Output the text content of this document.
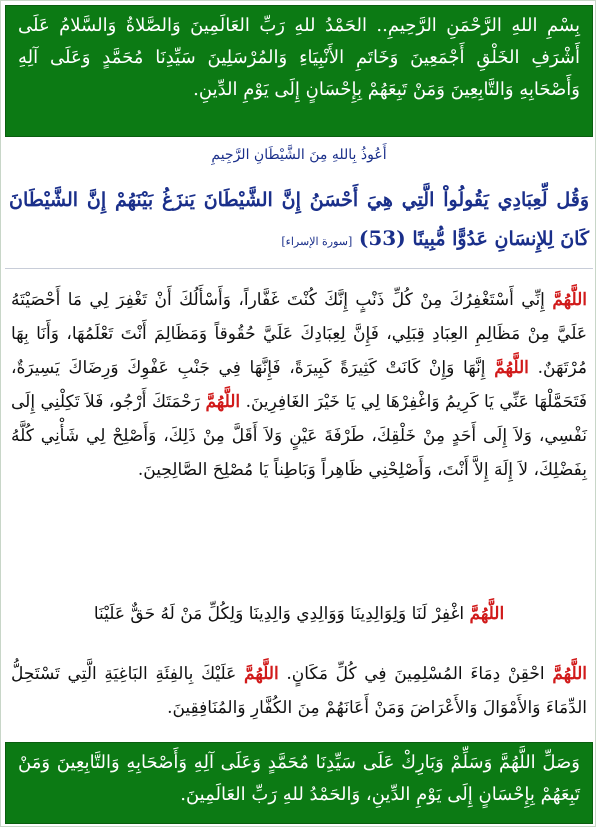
بِسْمِ اللهِ الرَّحْمَنِ الرَّحِيمِ.. الحَمْدُ للهِ رَبِّ العَالَمِينَ وَالصَّلاةُ وَالسَّلامُ عَلَى أَشْرَفِ الخَلْقِ أَجْمَعِينَ وَخَاتَمِ الأَنْبِيَاءِ وَالمُرْسَلِينَ سَيِّدِنَا مُحَمَّدٍ وَعَلَى آلِهِ وَأَصْحَابِهِ وَالتَّابِعِينَ وَمَنْ تَبِعَهُمْ بِإِحْسَانٍ إِلَى يَوْمِ الدِّينِ.
أَعُوذُ بِاللهِ مِنَ الشَّيْطَانِ الرَّجِيمِ
وَقُل لِّعِبَادِي يَقُولُواْ الَّتِي هِيَ أَحْسَنُ إِنَّ الشَّيْطَانَ يَنزَغُ بَيْنَهُمْ إِنَّ الشَّيْطَانَ كَانَ لِلإِنسَانِ عَدُوًّا مُّبِينًا (53) [سورة الإسراء]
اللَّهُمَّ إِنِّي أَسْتَغْفِرُكَ مِنْ كُلِّ ذَنْبٍ إِنَّكَ كُنْتَ غَفَّاراً، وَأَسْأَلُكَ أَنْ تَغْفِرَ لِي مَا أَحْصَيْتَهُ عَلَيَّ مِنْ مَظَالِمِ العِبَادِ قِبَلِي، فَإِنَّ لِعِبَادِكَ عَلَيَّ حُقُوقاً وَمَظَالِمَ أَنْتَ تَعْلَمُهَا، وَأَنَا بِهَا مُرْتَهَنٌ. اللَّهُمَّ إِنَّهَا وَإِنْ كَانَتْ كَثِيرَةً كَبِيرَةً، فَإِنَّهَا فِي جَنْبِ عَفْوِكَ وَرِضَاكَ يَسِيرَةٌ، فَتَحَمَّلْهَا عَنِّي يَا كَرِيمُ وَاغْفِرْهَا لِي يَا خَيْرَ الغَافِرِينَ. اللَّهُمَّ رَحْمَتَكَ أَرْجُو، فَلاَ تَكِلْنِي إِلَى نَفْسِي، وَلاَ إِلَى أَحَدٍ مِنْ خَلْقِكَ، طَرْفَةَ عَيْنٍ وَلاَ أَقَلَّ مِنْ ذَلِكَ، وَأَصْلِحْ لِي شَأْنِي كُلَّهُ بِفَضْلِكَ، لاَ إِلَهَ إِلاَّ أَنْتَ، وَأَصْلِحْنِي ظَاهِراً وَبَاطِناً يَا مُصْلِحَ الصَّالِحِينَ.
اللَّهُمَّ اغْفِرْ لَنَا وَلِوَالِدِينَا وَوَالِدِي وَالِدِينَا وَلِكُلِّ مَنْ لَهُ حَقٌّ عَلَيْنَا
اللَّهُمَّ احْقِنْ دِمَاءَ المُسْلِمِينَ فِي كُلِّ مَكَانٍ. اللَّهُمَّ عَلَيْكَ بِالفِئَةِ البَاغِيَةِ الَّتِي تَسْتَحِلُّ الدِّمَاءَ وَالأَمْوَالَ وَالأَعْرَاضَ وَمَنْ أَعَانَهُمْ مِنَ الكُفَّارِ وَالمُنَافِقِينَ.
وَصَلِّ اللَّهُمَّ وَسَلِّمْ وَبَارِكْ عَلَى سَيِّدِنَا مُحَمَّدٍ وَعَلَى آلِهِ وَأَصْحَابِهِ وَالتَّابِعِينَ وَمَنْ تَبِعَهُمْ بِإِحْسَانٍ إِلَى يَوْمِ الدِّينِ، وَالحَمْدُ للهِ رَبِّ العَالَمِينَ.
